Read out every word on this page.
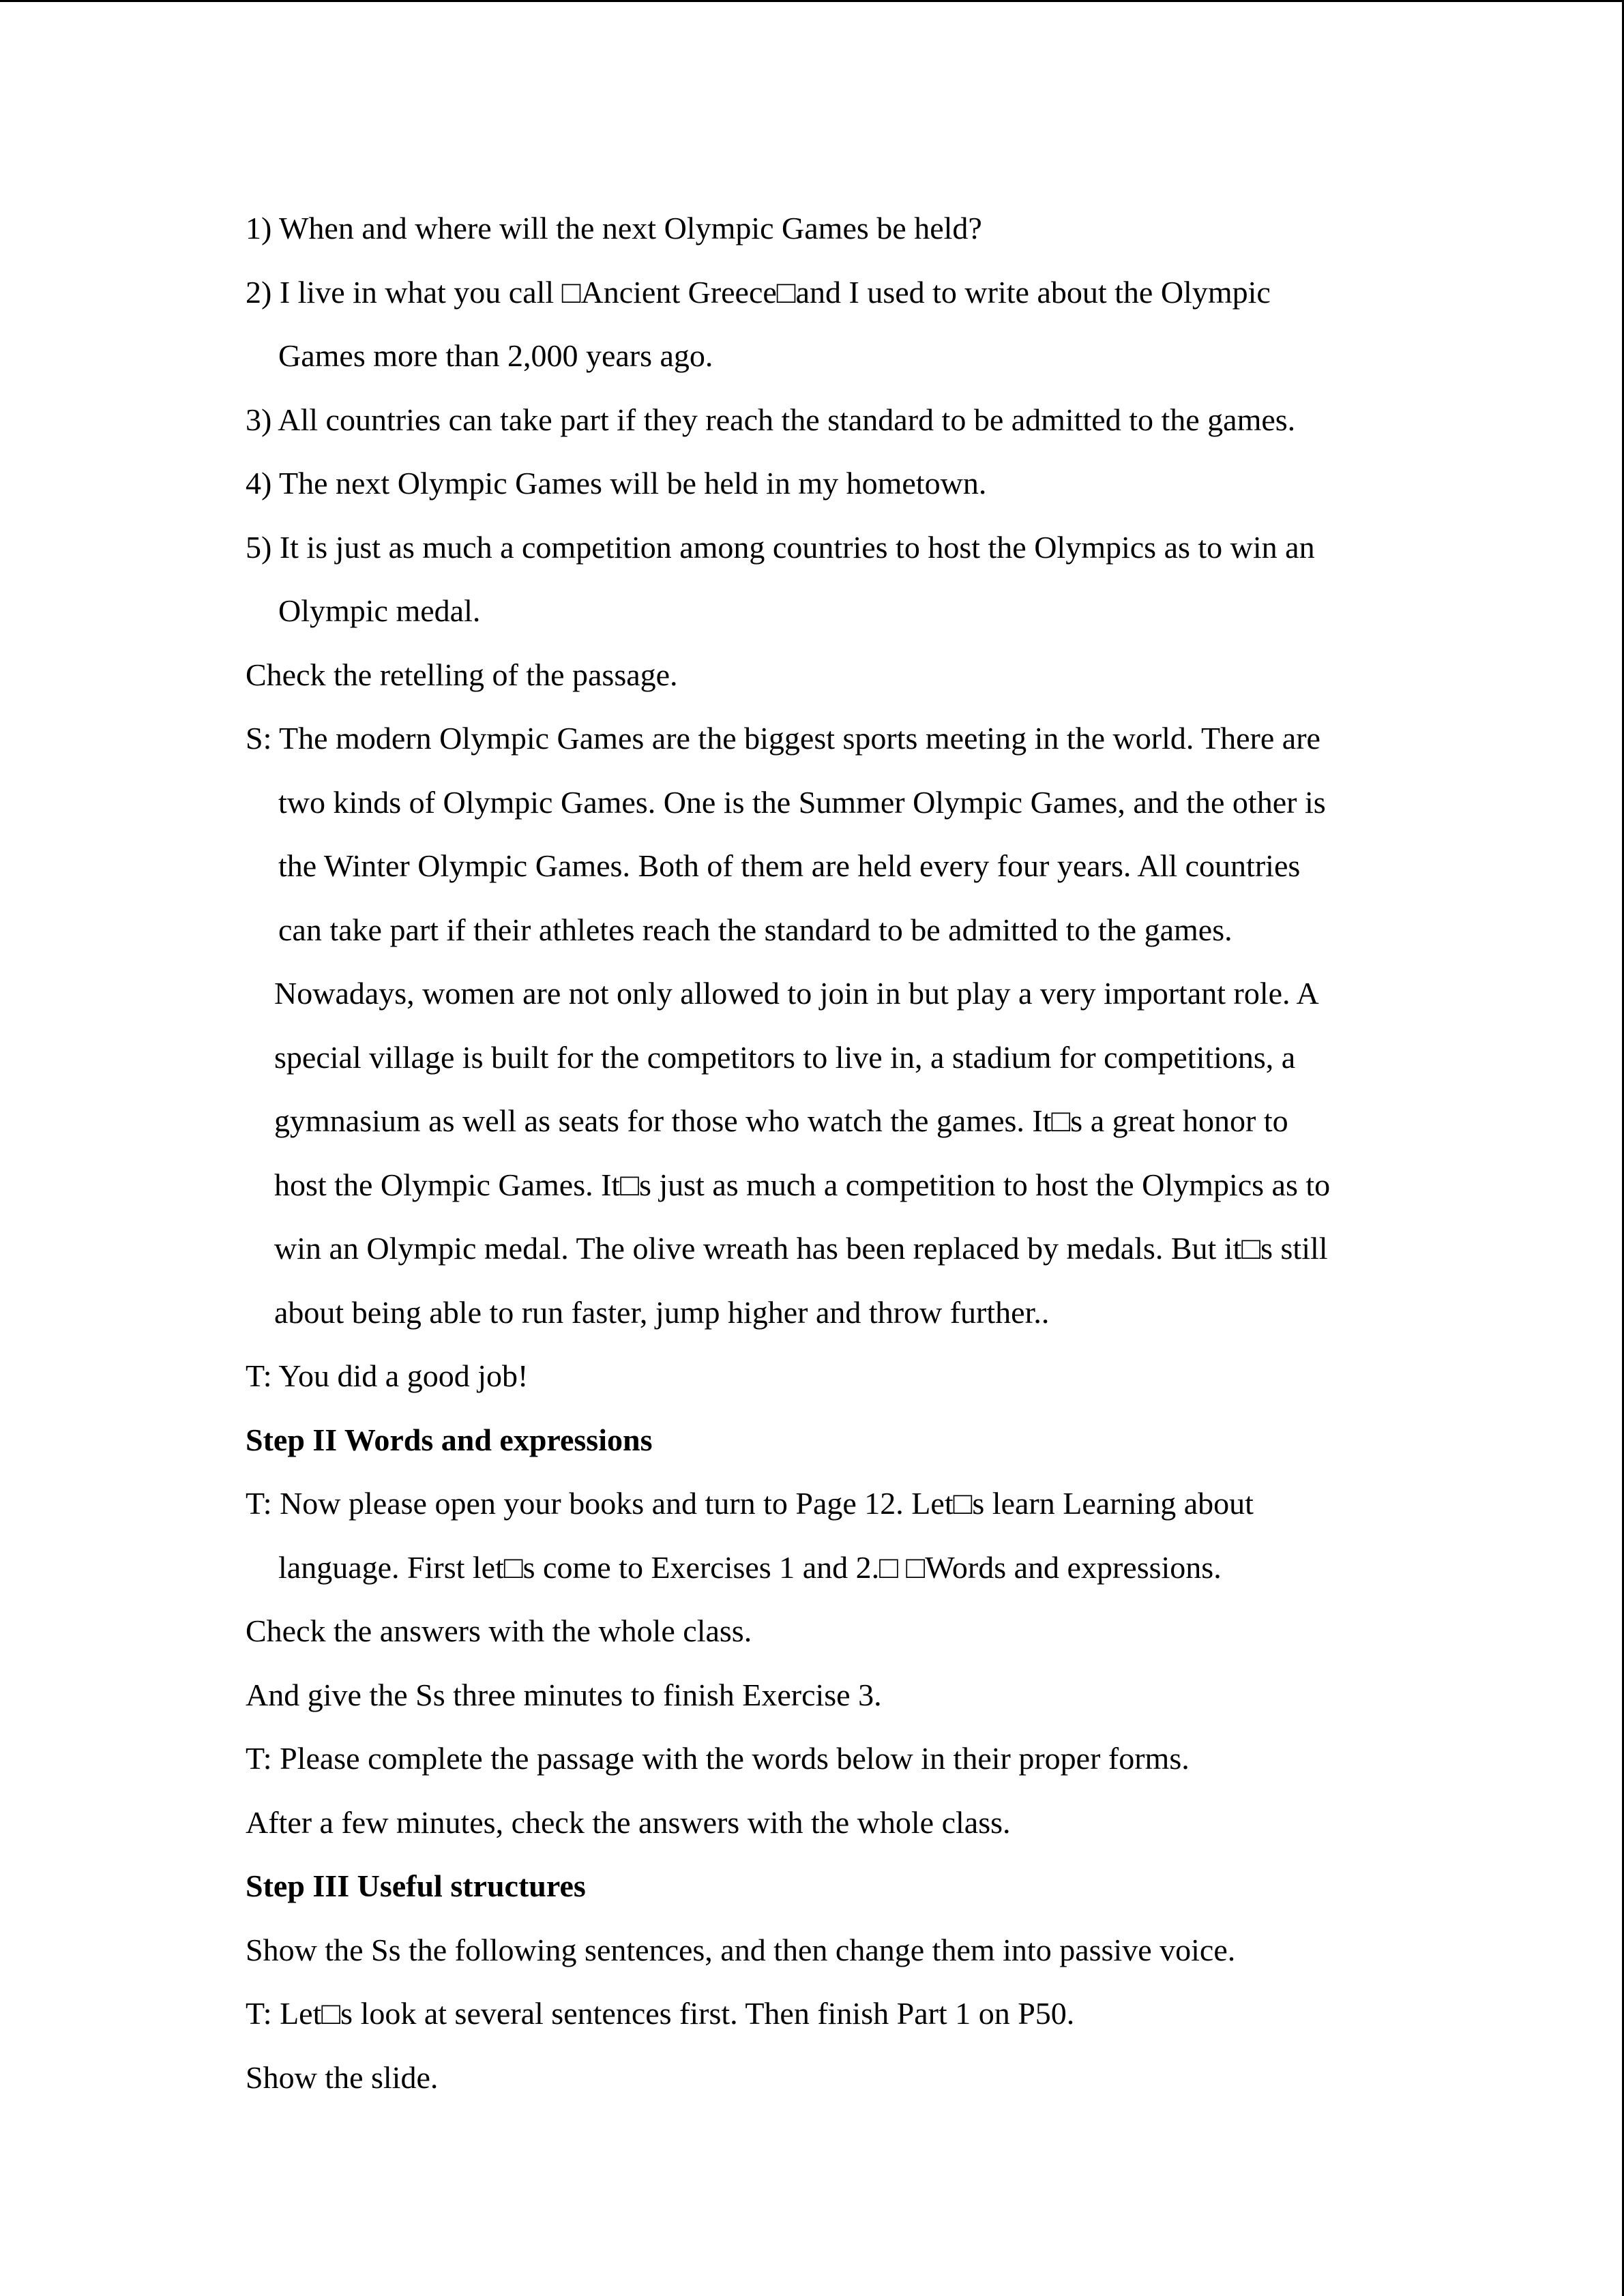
1) When and where will the next Olympic Games be held?
2) I live in what you call □Ancient Greece□and I used to write about the Olympic
Games more than 2,000 years ago.
3) All countries can take part if they reach the standard to be admitted to the games.
4) The next Olympic Games will be held in my hometown.
5) It is just as much a competition among countries to host the Olympics as to win an
Olympic medal.
Check the retelling of the passage.
S: The modern Olympic Games are the biggest sports meeting in the world. There are
two kinds of Olympic Games. One is the Summer Olympic Games, and the other is
the Winter Olympic Games. Both of them are held every four years. All countries
can take part if their athletes reach the standard to be admitted to the games.
Nowadays, women are not only allowed to join in but play a very important role. A
special village is built for the competitors to live in, a stadium for competitions, a
gymnasium as well as seats for those who watch the games. It□s a great honor to
host the Olympic Games. It□s just as much a competition to host the Olympics as to
win an Olympic medal. The olive wreath has been replaced by medals. But it□s still
about being able to run faster, jump higher and throw further..
T: You did a good job!
Step II Words and expressions
T: Now please open your books and turn to Page 12. Let□s learn Learning about
language. First let□s come to Exercises 1 and 2.□ □Words and expressions.
Check the answers with the whole class.
And give the Ss three minutes to finish Exercise 3.
T: Please complete the passage with the words below in their proper forms.
After a few minutes, check the answers with the whole class.
Step III Useful structures
Show the Ss the following sentences, and then change them into passive voice.
T: Let□s look at several sentences first. Then finish Part 1 on P50.
Show the slide.
